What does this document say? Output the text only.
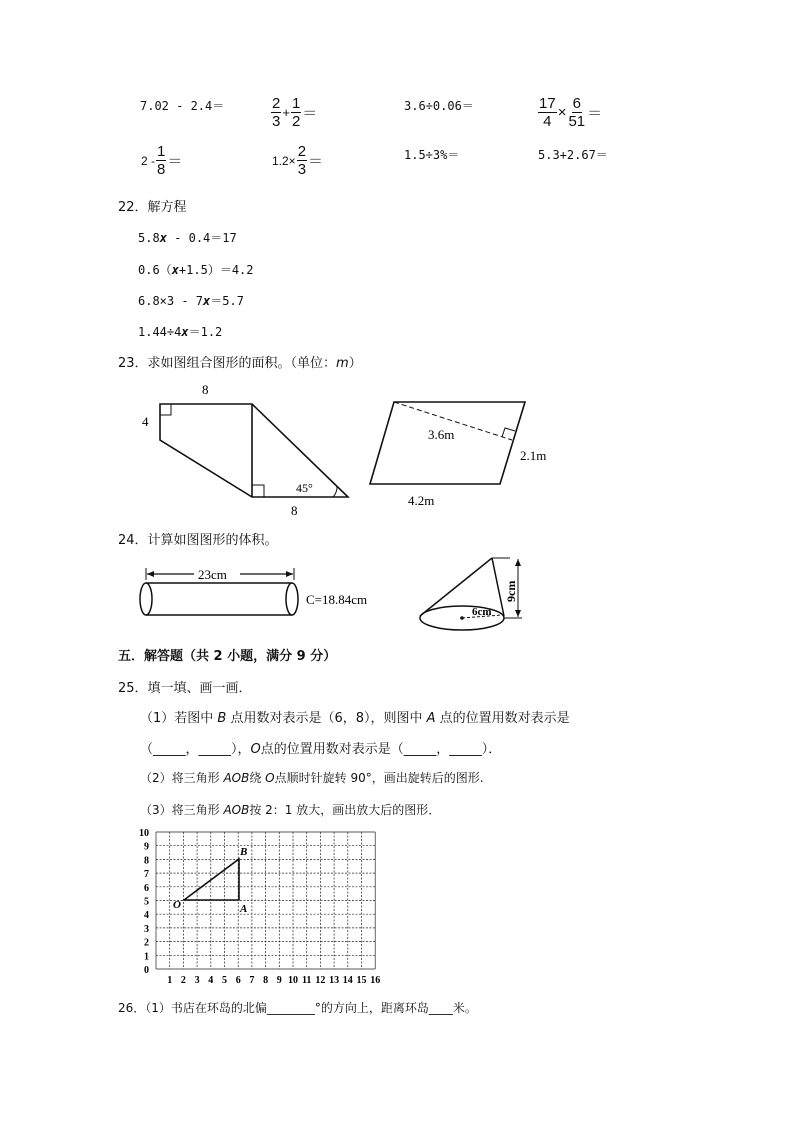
7.02 - 2.4＝	$\frac{2}{3} + \frac{1}{2}$ ＝	3.6÷0.06＝	$\frac{17}{4} \times \frac{6}{51}$ ＝
$2 - \frac{1}{8}$ ＝	$1.2\times \frac{2}{3}$ ＝	1.5÷3%＝	5.3+2.67＝
22．解方程
5.8x - 0.4＝17
0.6（x+1.5）＝4.2
6.8×3 - 7x＝5.7
1.44÷4x＝1.2
23．求如图组合图形的面积。（单位：m）
8
4
45°
8
3.6m
2.1m
4.2m
24．计算如图图形的体积。
23cm
C=18.84cm	9cm
6cm
五．解答题（共 2 小题，满分 9 分）
25．填一填、画一画．
（1）若图中 B 点用数对表示是（6，8），则图中 A 点的位置用数对表示是
（_____，_____），O点的位置用数对表示是（_____，_____）．
（2）将三角形 AOB绕 O点顺时针旋转 90°，画出旋转后的图形.
（3）将三角形 AOB按 2：1 放大，画出放大后的图形．
10
9
8
7
6
5
4
3
2
1
0
1 2 3 4 5 6 7 8 9 10 11 12 13 14 15 16
O	A
B
26．（1）书店在环岛的北偏________°的方向上，距离环岛____米。
